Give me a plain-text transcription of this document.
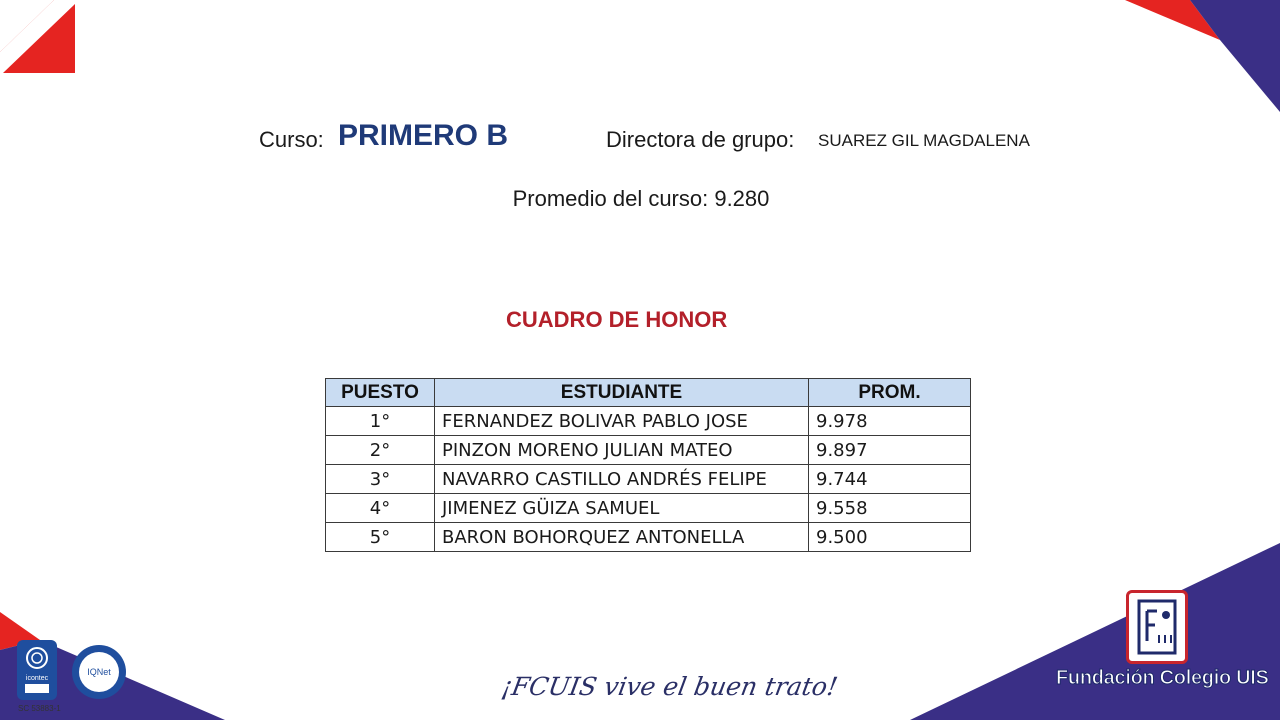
Curso: PRIMERO B	Directora de grupo: SUAREZ GIL MAGDALENA
Promedio del curso: 9.280
CUADRO DE HONOR
PUESTO	ESTUDIANTE	PROM.
1°	FERNANDEZ BOLIVAR PABLO JOSE	9.978
2°	PINZON MORENO JULIAN MATEO	9.897
3°	NAVARRO CASTILLO ANDRÉS FELIPE	9.744
4°	JIMENEZ GÜIZA SAMUEL	9.558
5°	BARON BOHORQUEZ ANTONELLA	9.500
¡FCUIS vive el buen trato!	Fundación Colegio UIS
icontec
IQNet
SC 53883-1
